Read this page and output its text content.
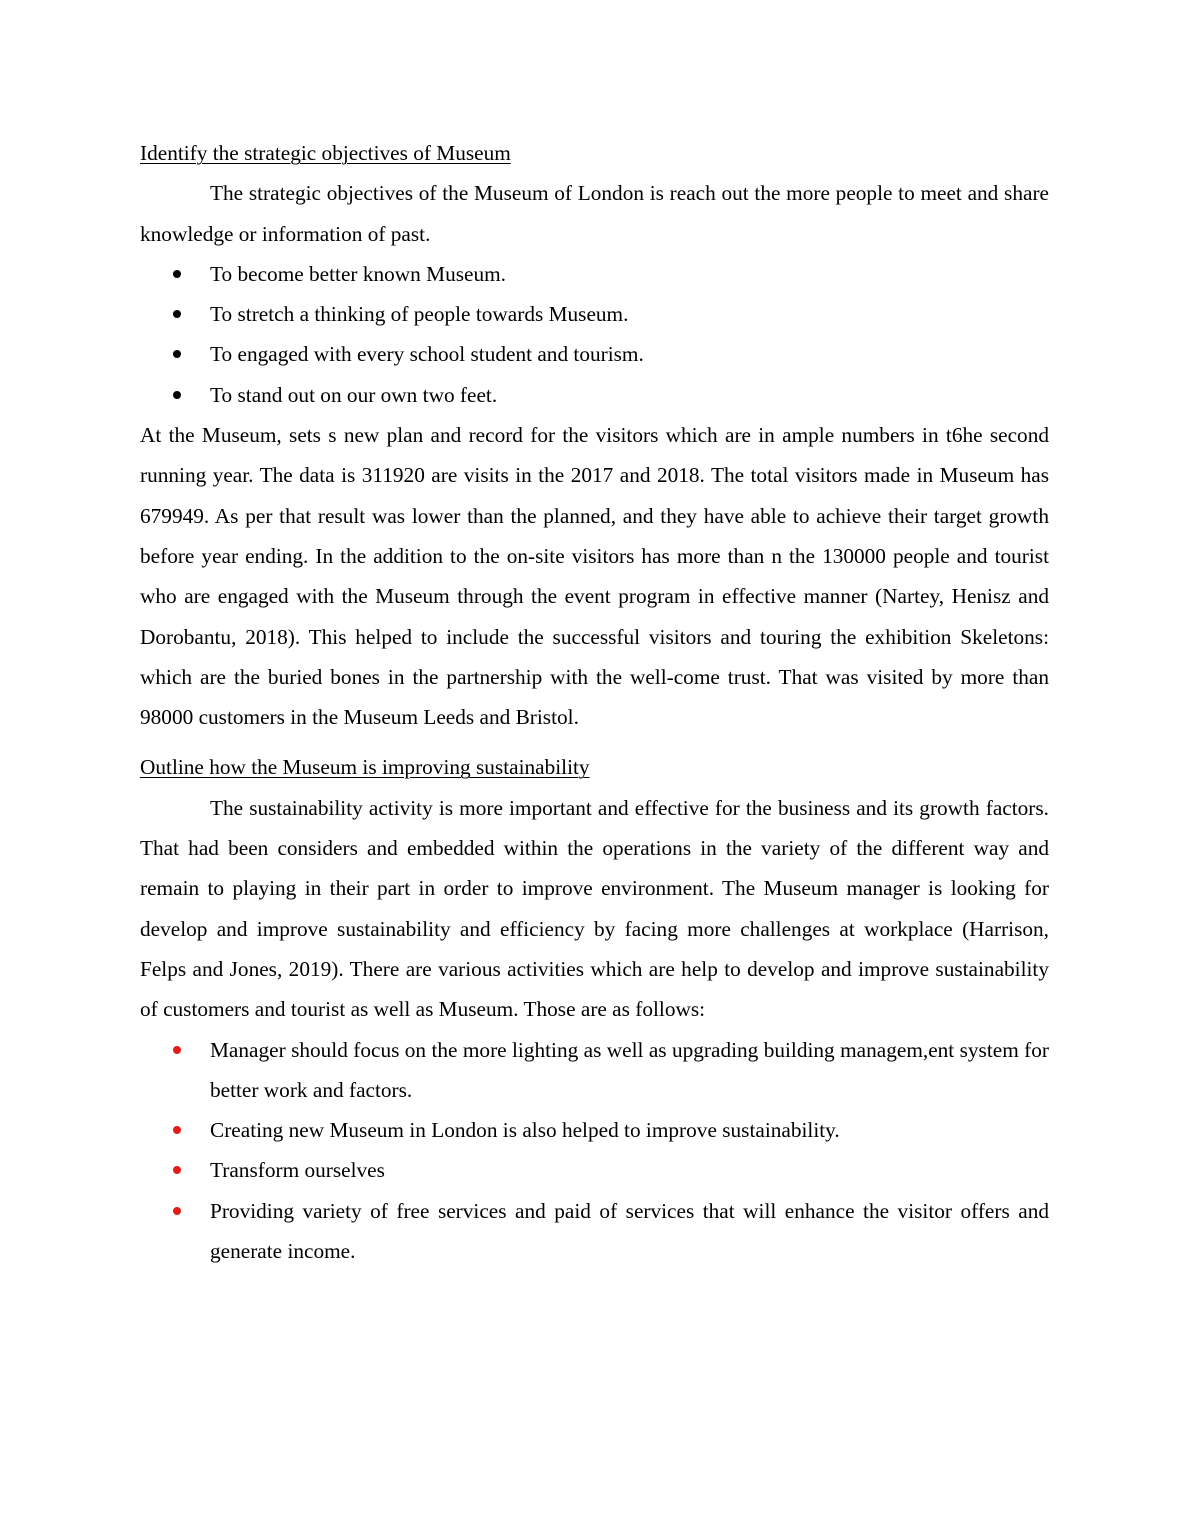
Identify the strategic objectives of Museum

The strategic objectives of the Museum of London is reach out the more people to meet and share knowledge or information of past.

To become better known Museum.
To stretch a thinking of people towards Museum.
To engaged with every school student and tourism.
To stand out on our own two feet.

At the Museum, sets s new plan and record for the visitors which are in ample numbers in t6he second running year. The data is 311920 are visits in the 2017 and 2018. The total visitors made in Museum has 679949. As per that result was lower than the planned, and they have able to achieve their target growth before year ending. In the addition to the on-site visitors has more than n the 130000 people and tourist who are engaged with the Museum through the event program in effective manner (Nartey, Henisz and Dorobantu, 2018). This helped to include the successful visitors and touring the exhibition Skeletons: which are the buried bones in the partnership with the well-come trust. That was visited by more than 98000 customers in the Museum Leeds and Bristol.

Outline how the Museum is improving sustainability

The sustainability activity is more important and effective for the business and its growth factors. That had been considers and embedded within the operations in the variety of the different way and remain to playing in their part in order to improve environment. The Museum manager is looking for develop and improve sustainability and efficiency by facing more challenges at workplace (Harrison, Felps and Jones, 2019). There are various activities which are help to develop and improve sustainability of customers and tourist as well as Museum. Those are as follows:

Manager should focus on the more lighting as well as upgrading building managem,ent system for better work and factors.
Creating new Museum in London is also helped to improve sustainability.
Transform ourselves
Providing variety of free services and paid of services that will enhance the visitor offers and generate income.
